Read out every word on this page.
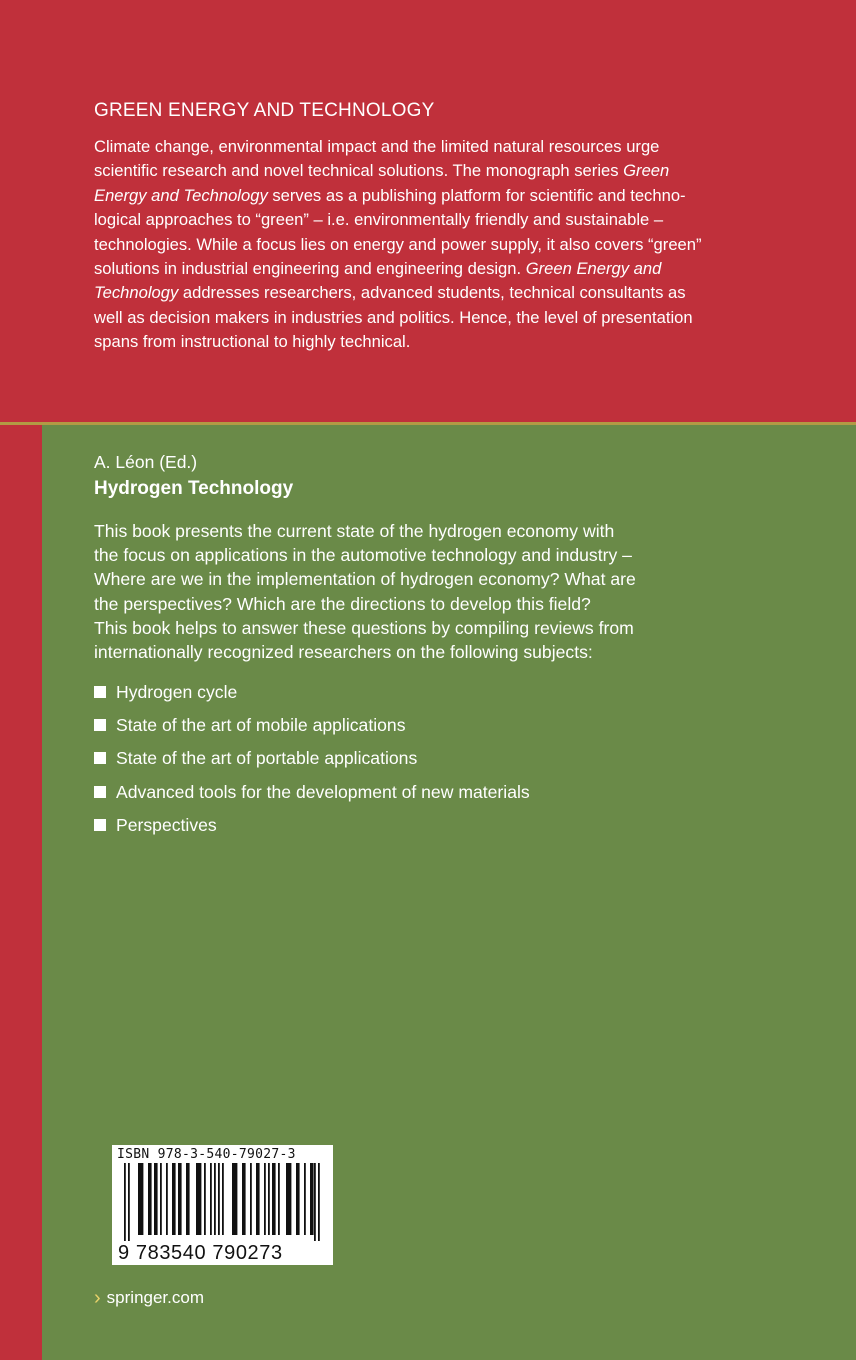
GREEN ENERGY AND TECHNOLOGY

Climate change, environmental impact and the limited natural resources urge
scientific research and novel technical solutions. The monograph series Green
Energy and Technology serves as a publishing platform for scientific and techno-
logical approaches to “green” – i.e. environmentally friendly and sustainable –
technologies. While a focus lies on energy and power supply, it also covers “green”
solutions in industrial engineering and engineering design. Green Energy and
Technology addresses researchers, advanced students, technical consultants as
well as decision makers in industries and politics. Hence, the level of presentation
spans from instructional to highly technical.

A. Léon (Ed.)
Hydrogen Technology

This book presents the current state of the hydrogen economy with
the focus on applications in the automotive technology and industry –
Where are we in the implementation of hydrogen economy? What are
the perspectives? Which are the directions to develop this field?
This book helps to answer these questions by compiling reviews from
internationally recognized researchers on the following subjects:

Hydrogen cycle
State of the art of mobile applications
State of the art of portable applications
Advanced tools for the development of new materials
Perspectives
ISBN 978-3-540-79027-3
9 783540 790273
› springer.com
